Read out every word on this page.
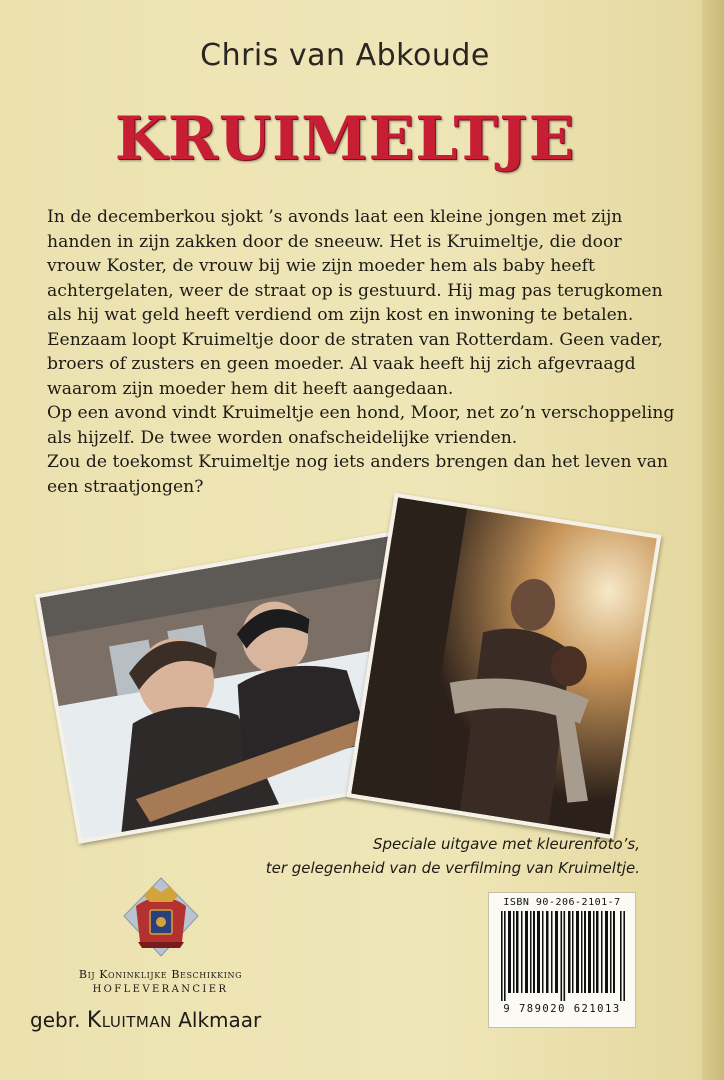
Chris van Abkoude
KRUIMELTJE

In de decemberkou sjokt ’s avonds laat een kleine jongen met zijn handen in zijn zakken door de sneeuw. Het is Kruimeltje, die door vrouw Koster, de vrouw bij wie zijn moeder hem als baby heeft achtergelaten, weer de straat op is gestuurd. Hij mag pas terugkomen als hij wat geld heeft verdiend om zijn kost en inwoning te betalen.

Eenzaam loopt Kruimeltje door de straten van Rotterdam. Geen vader, broers of zusters en geen moeder. Al vaak heeft hij zich afgevraagd waarom zijn moeder hem dit heeft aangedaan.

Op een avond vindt Kruimeltje een hond, Moor, net zo’n verschoppeling als hijzelf. De twee worden onafscheidelijke vrienden.

Zou de toekomst Kruimeltje nog iets anders brengen dan het leven van een straatjongen?

Speciale uitgave met kleurenfoto’s,
ter gelegenheid van de verfilming van Kruimeltje.
Bij Koninklijke Beschikking
HOFLEVERANCIER
gebr. Kluitman Alkmaar
ISBN 90-206-2101-7
9 789020 621013
